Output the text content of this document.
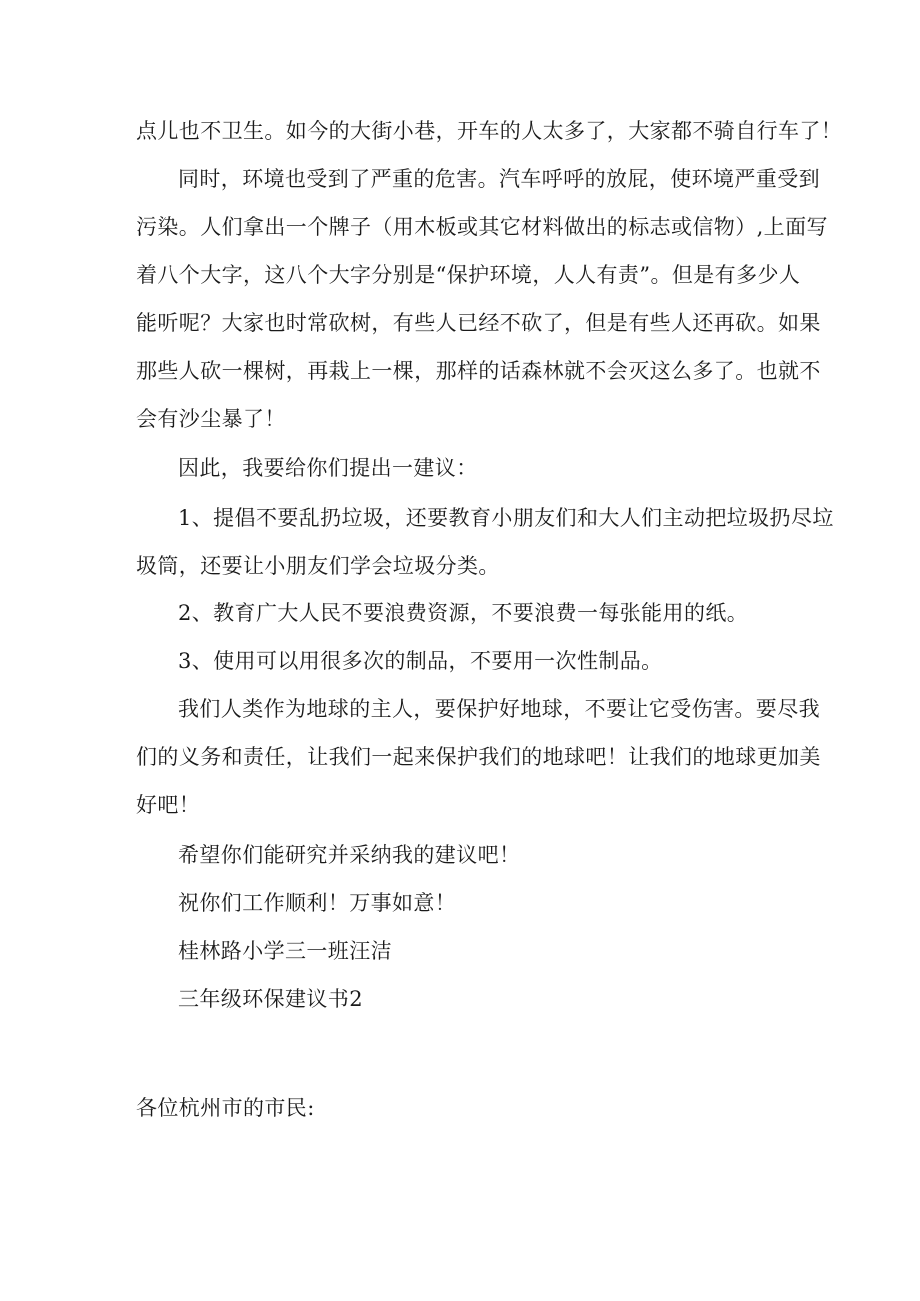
点儿也不卫生。如今的大街小巷，开车的人太多了，大家都不骑自行车了！
同时，环境也受到了严重的危害。汽车呼呼的放屁，使环境严重受到
污染。人们拿出一个牌子（用木板或其它材料做出的标志或信物）,上面写
着八个大字，这八个大字分别是“保护环境，人人有责”。但是有多少人
能听呢？大家也时常砍树，有些人已经不砍了，但是有些人还再砍。如果
那些人砍一棵树，再栽上一棵，那样的话森林就不会灭这么多了。也就不
会有沙尘暴了！
因此，我要给你们提出一建议：
1、提倡不要乱扔垃圾，还要教育小朋友们和大人们主动把垃圾扔尽垃
圾筒，还要让小朋友们学会垃圾分类。
2、教育广大人民不要浪费资源，不要浪费一每张能用的纸。
3、使用可以用很多次的制品，不要用一次性制品。
我们人类作为地球的主人，要保护好地球，不要让它受伤害。要尽我
们的义务和责任，让我们一起来保护我们的地球吧！让我们的地球更加美
好吧！
希望你们能研究并采纳我的建议吧！
祝你们工作顺利！万事如意！
桂林路小学三一班汪洁
三年级环保建议书2
各位杭州市的市民:
